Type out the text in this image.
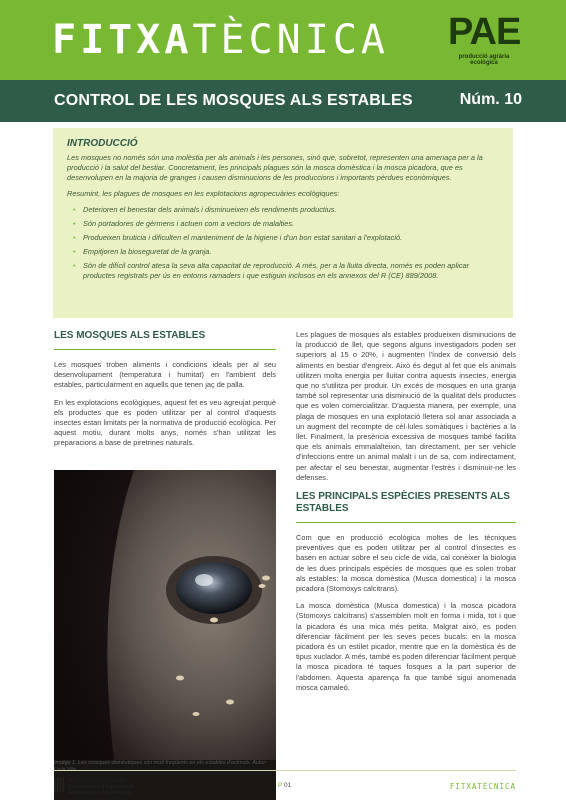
FITXATÈCNICA PAE
producció agrària ecològica
CONTROL DE LES MOSQUES ALS ESTABLES	Núm. 10
INTRODUCCIÓ

Les mosques no només són una molèstia per als animals i les persones, sinó que, sobretot, representen una amenaça per a la producció i la salut del bestiar. Concretament, les principals plagues són la mosca domèstica i la mosca picadora, que es desenvolupen en la majoria de granges i causen disminucions de les produccions i importants pèrdues econòmiques.

Resumint, les plagues de mosques en les explotacions agropecuàries ecològiques:

• Deterioren el benestar dels animals i disminueixen els rendiments productius.
• Són portadores de gèrmens i actuen com a vectors de malalties.
• Produeixen bruticia i dificulten el manteniment de la higiene i d'un bon estat sanitari a l'explotació.
• Empitjoren la bioseguretat de la granja.
• Són de difícil control atesa la seva alta capacitat de reproducció. A més, per a la lluita directa, només es poden aplicar productes registrats per ús en entorns ramaders i que estiguin inclosos en els annexos del R (CE) 889/2008.
LES MOSQUES ALS ESTABLES

Les mosques troben aliments i condicions ideals per al seu desenvolupament (temperatura i humitat) en l'ambient dels estables, particularment en aquells que tenen jaç de palla.

En les explotacions ecològiques, aquest fet es veu agreujat perquè els productes que es poden utilitzar per al control d'aquests insectes estan limitats per la normativa de producció ecològica. Per aquest motiu, durant molts anys, només s'han utilitzat les preparacions a base de piretrines naturals.

Imatge 1. Les mosques domèstiques són molt freqüents en els estables d'animals. Autor:

Les plagues de mosques als estables produeixen disminucions de la producció de llet, que segons alguns investigadors poden ser superiors al 15 o 20%, i augmenten l'índex de conversió dels aliments en bestiar d'engreix. Això és degut al fet que els animals utilitzen molta energia per lluitar contra aquests insectes, energia que no s'utilitza per produir. Un excés de mosques en una granja també sol representar una disminució de la qualitat dels productes que es volen comercialitzar. D'aquesta manera, per exemple, una plaga de mosques en una explotació lletera sol anar associada a un augment del recompte de cèl·lules somàtiques i bactèries a la llet. Finalment, la presència excessiva de mosques també facilita que els animals emmalalteixin, tan directament, per ser vehicle d'infeccions entre un animal malalt i un de sa, com indirectament, per afectar el seu benestar, augmentar l'estrès i disminuir-ne les defenses.

LES PRINCIPALS ESPÈCIES PRESENTS ALS ESTABLES

Com que en producció ecològica moltes de les tècniques preventives que es poden utilitzar per al control d'insectes es basen en actuar sobre el seu cicle de vida, cal conèixer la biologia de les dues principals espècies de mosques que es solen trobar als estables: la mosca domèstica (Musca domestica) i la mosca picadora (Stomoxys calcitrans).

La mosca domèstica (Musca domestica) i la mosca picadora (Stomoxys calcitrans) s'assemblen molt en forma i mida, tot i que la picadora és una mica més petita. Malgrat això, es poden diferenciar fàcilment per les seves peces bucals: en la mosca picadora és un estilet picador, mentre que en la domèstica és de tipus xuclador. A més, també es poden diferenciar fàcilment perquè la mosca picadora té taques fosques a la part superior de l'abdomen. Aquesta aparença fa que també sigui anomenada mosca camaleó.

Generalitat de Catalunya
Departament d'Agricultura,
Alimentació i Acció Rural
P 01	FITXATÈCNICA
